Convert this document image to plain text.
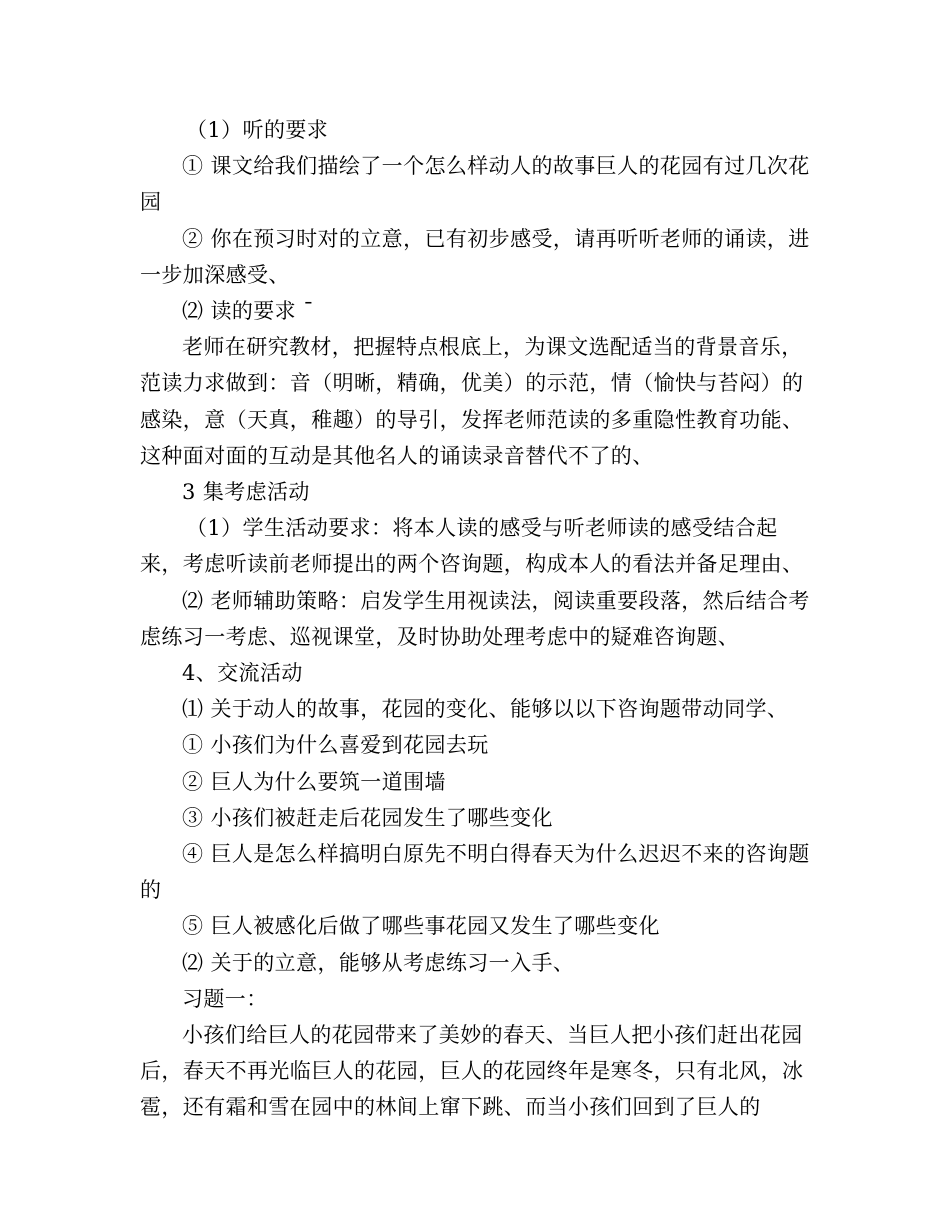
（1）听的要求

① 课文给我们描绘了一个怎么样动人的故事巨人的花园有过几次花园

② 你在预习时对的立意，已有初步感受，请再听听老师的诵读，进一步加深感受、

⑵ 读的要求 ¯

老师在研究教材，把握特点根底上，为课文选配适当的背景音乐，范读力求做到：音（明晰，精确，优美）的示范，情（愉快与苔闷）的感染，意（天真，稚趣）的导引，发挥老师范读的多重隐性教育功能、这种面对面的互动是其他名人的诵读录音替代不了的、

3 集考虑活动

（1）学生活动要求：将本人读的感受与听老师读的感受结合起来，考虑听读前老师提出的两个咨询题，构成本人的看法并备足理由、

⑵ 老师辅助策略：启发学生用视读法，阅读重要段落，然后结合考虑练习一考虑、巡视课堂，及时协助处理考虑中的疑难咨询题、

4、交流活动

⑴ 关于动人的故事，花园的变化、能够以以下咨询题带动同学、

① 小孩们为什么喜爱到花园去玩

② 巨人为什么要筑一道围墙

③ 小孩们被赶走后花园发生了哪些变化

④ 巨人是怎么样搞明白原先不明白得春天为什么迟迟不来的咨询题的

⑤ 巨人被感化后做了哪些事花园又发生了哪些变化

⑵ 关于的立意，能够从考虑练习一入手、

习题一：

小孩们给巨人的花园带来了美妙的春天、当巨人把小孩们赶出花园后，春天不再光临巨人的花园，巨人的花园终年是寒冬，只有北风，冰雹，还有霜和雪在园中的林间上窜下跳、而当小孩们回到了巨人的
